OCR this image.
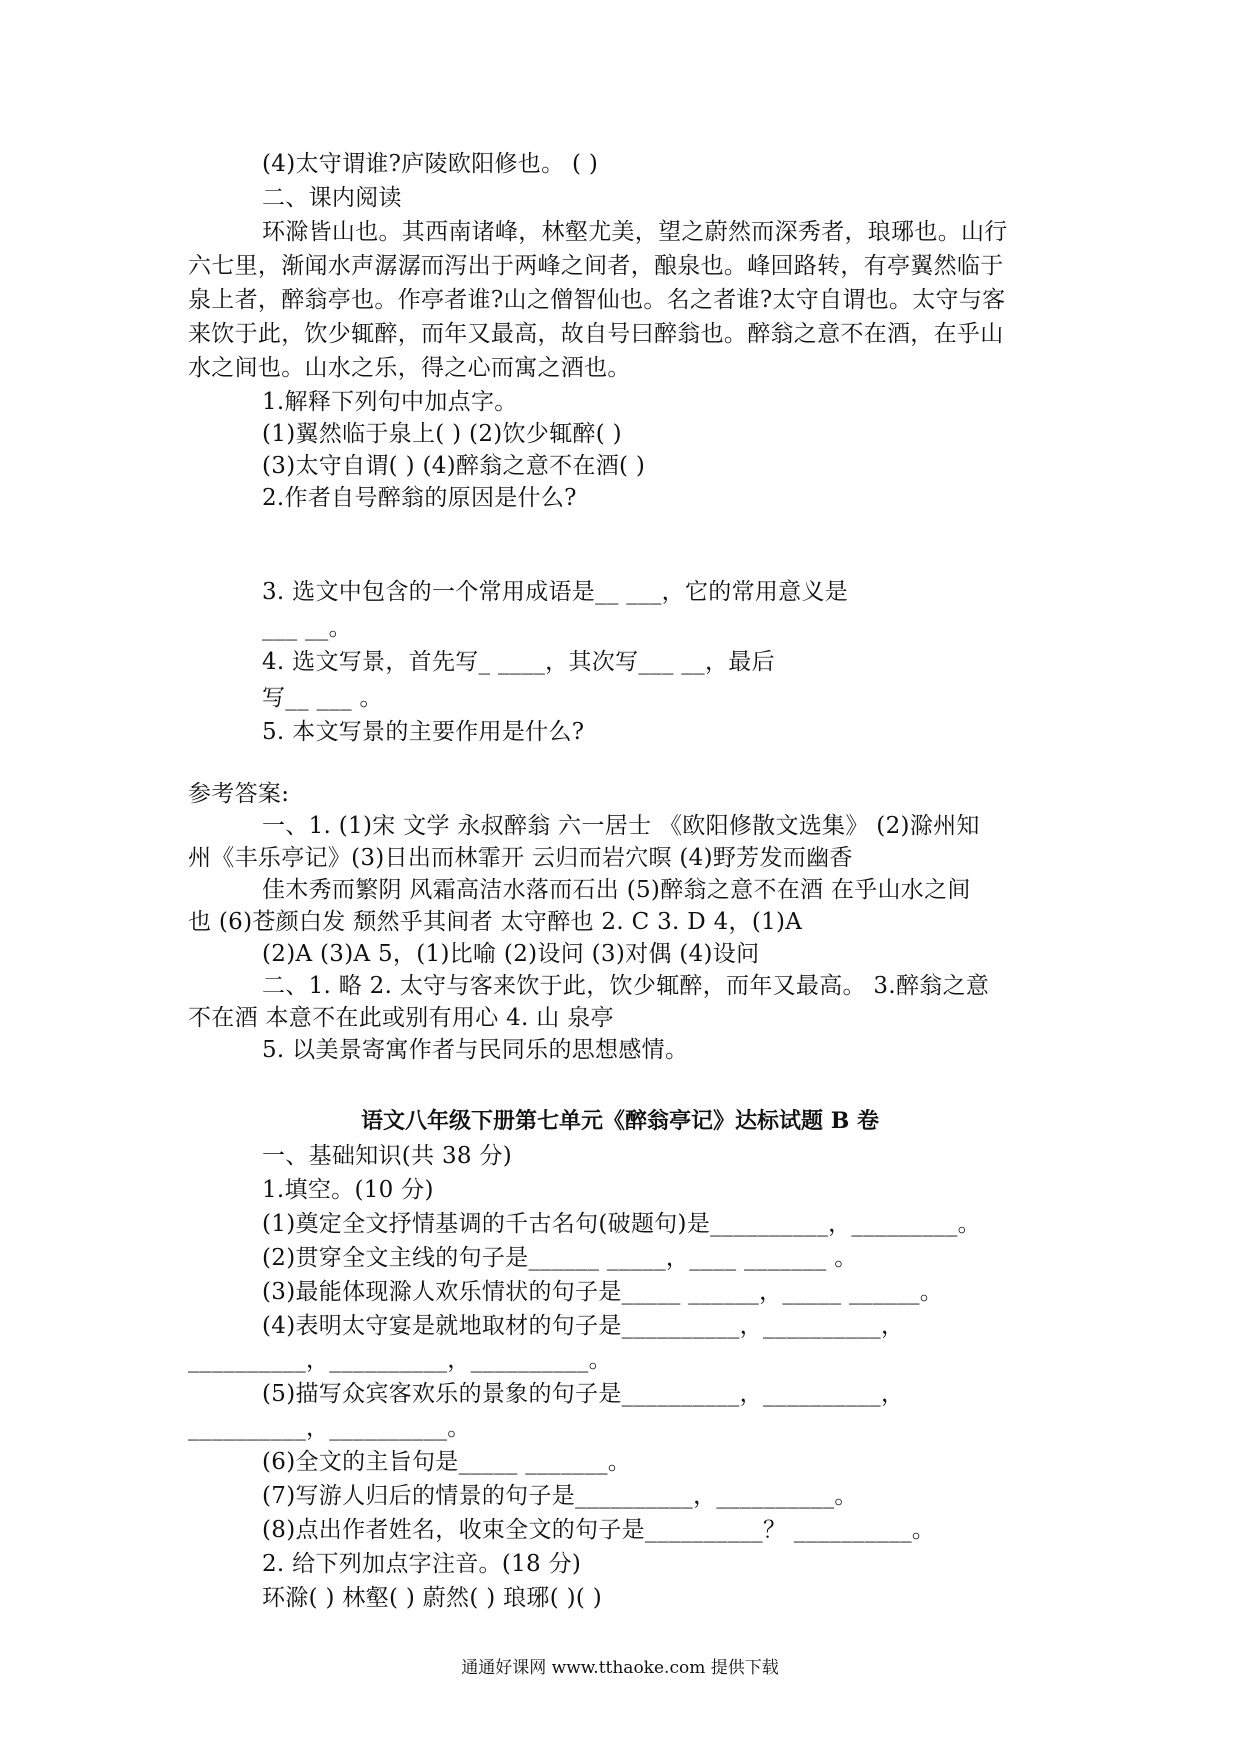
(4)太守谓谁?庐陵欧阳修也。 ( )
二、课内阅读
环滁皆山也。其西南诸峰，林壑尤美，望之蔚然而深秀者，琅琊也。山行
六七里，渐闻水声潺潺而泻出于两峰之间者，酿泉也。峰回路转，有亭翼然临于
泉上者，醉翁亭也。作亭者谁?山之僧智仙也。名之者谁?太守自谓也。太守与客
来饮于此，饮少辄醉，而年又最高，故自号曰醉翁也。醉翁之意不在酒，在乎山
水之间也。山水之乐，得之心而寓之酒也。
1.解释下列句中加点字。
(1)翼然临于泉上( ) (2)饮少辄醉( )
(3)太守自谓( ) (4)醉翁之意不在酒( )
2.作者自号醉翁的原因是什么?
3. 选文中包含的一个常用成语是__ ___，它的常用意义是
___ __。
4. 选文写景，首先写_ ____，其次写___ __，最后
写__ ___ 。
5. 本文写景的主要作用是什么?
参考答案:
一、1. (1)宋 文学 永叔醉翁 六一居士 《欧阳修散文选集》 (2)滁州知
州《丰乐亭记》(3)日出而林霏开 云归而岩穴暝 (4)野芳发而幽香
佳木秀而繁阴 风霜高洁水落而石出 (5)醉翁之意不在酒 在乎山水之间
也 (6)苍颜白发 颓然乎其间者 太守醉也 2. C 3. D 4，(1)A
(2)A (3)A 5，(1)比喻 (2)设问 (3)对偶 (4)设问
二、1. 略 2. 太守与客来饮于此，饮少辄醉，而年又最高。 3.醉翁之意
不在酒 本意不在此或别有用心 4. 山 泉亭
5. 以美景寄寓作者与民同乐的思想感情。
语文八年级下册第七单元《醉翁亭记》达标试题 B 卷
一、基础知识(共 38 分)
1.填空。(10 分)
(1)奠定全文抒情基调的千古名句(破题句)是__________，_________。
(2)贯穿全文主线的句子是______ _____，____ _______ 。
(3)最能体现滁人欢乐情状的句子是_____ ______，_____ ______。
(4)表明太守宴是就地取材的句子是__________，__________，
__________，__________，__________。
(5)描写众宾客欢乐的景象的句子是__________，__________，
__________，__________。
(6)全文的主旨句是_____ _______。
(7)写游人归后的情景的句子是__________，__________。
(8)点出作者姓名，收束全文的句子是__________？ __________。
2. 给下列加点字注音。(18 分)
环滁( ) 林壑( ) 蔚然( ) 琅琊( )( )
通通好课网 www.tthaoke.com 提供下载
